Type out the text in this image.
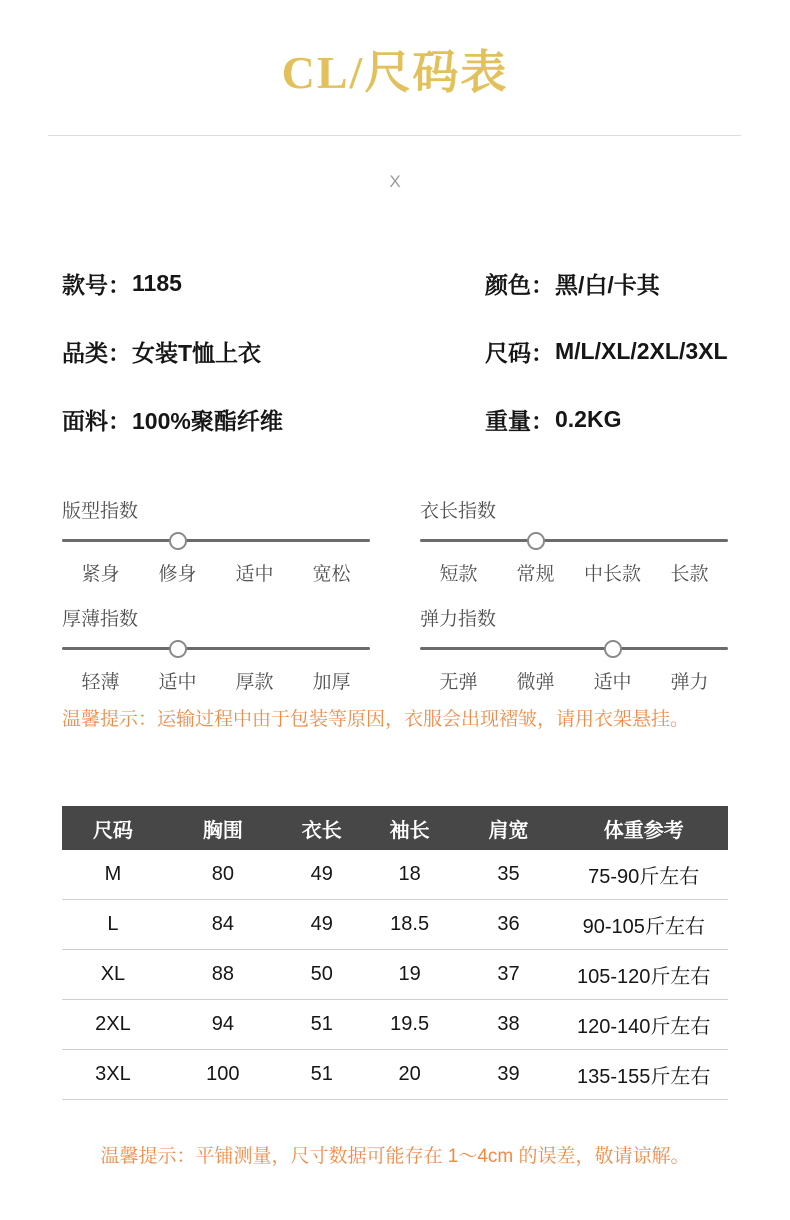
CL/尺码表
X
款号： 1185	颜色： 黑/白/卡其
品类： 女装T恤上衣	尺码： M/L/XL/2XL/3XL
面料： 100%聚酯纤维	重量： 0.2KG
版型指数
紧身	修身	适中	宽松
衣长指数
短款	常规	中长款	长款
厚薄指数
轻薄	适中	厚款	加厚
弹力指数
无弹	微弹	适中	弹力
温馨提示：运输过程中由于包装等原因，衣服会出现褶皱，请用衣架悬挂。
尺码	胸围	衣长	袖长	肩宽	体重参考
M	80	49	18	35	75-90斤左右
L	84	49	18.5	36	90-105斤左右
XL	88	50	19	37	105-120斤左右
2XL	94	51	19.5	38	120-140斤左右
3XL	100	51	20	39	135-155斤左右
温馨提示：平铺测量，尺寸数据可能存在 1～4cm 的误差，敬请谅解。
